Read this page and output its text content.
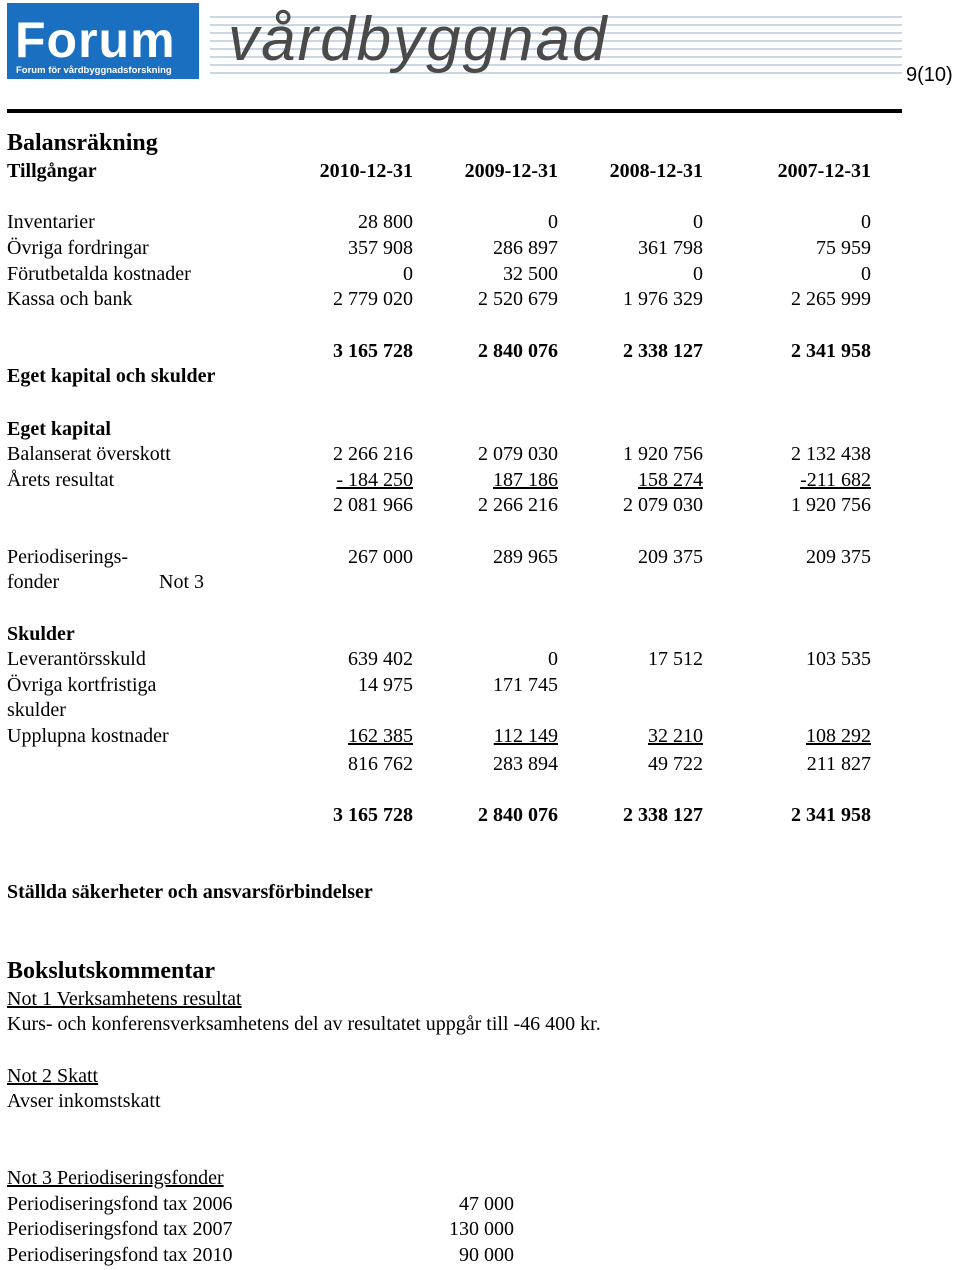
Forum
Forum för vårdbyggnadsforskning vårdbyggnad
9(10)
Balansräkning
Tillgångar	2010-12-31	2009-12-31	2008-12-31	2007-12-31
Inventarier	28 800	0	0	0
Övriga fordringar	357 908	286 897	361 798	75 959
Förutbetalda kostnader	0	32 500	0	0
Kassa och bank	2 779 020	2 520 679	1 976 329	2 265 999
3 165 728	2 840 076	2 338 127	2 341 958
Eget kapital och skulder
Eget kapital
Balanserat överskott	2 266 216	2 079 030	1 920 756	2 132 438
Årets resultat	- 184 250	187 186	158 274	-211 682
2 081 966	2 266 216	2 079 030	1 920 756
Periodiserings-
fonder	Not 3
267 000	289 965	209 375	209 375
Skulder
Leverantörsskuld	639 402	0	17 512	103 535
Övriga kortfristiga
skulder
14 975	171 745
Upplupna kostnader	162 385	112 149	32 210	108 292
816 762	283 894	49 722	211 827
3 165 728	2 840 076	2 338 127	2 341 958
Ställda säkerheter och ansvarsförbindelser
Bokslutskommentar
Not 1 Verksamhetens resultat
Kurs- och konferensverksamhetens del av resultatet uppgår till -46 400 kr.
Not 2 Skatt
Avser inkomstskatt
Not 3 Periodiseringsfonder
Periodiseringsfond tax 2006	47 000
Periodiseringsfond tax 2007	130 000
Periodiseringsfond tax 2010	90 000
